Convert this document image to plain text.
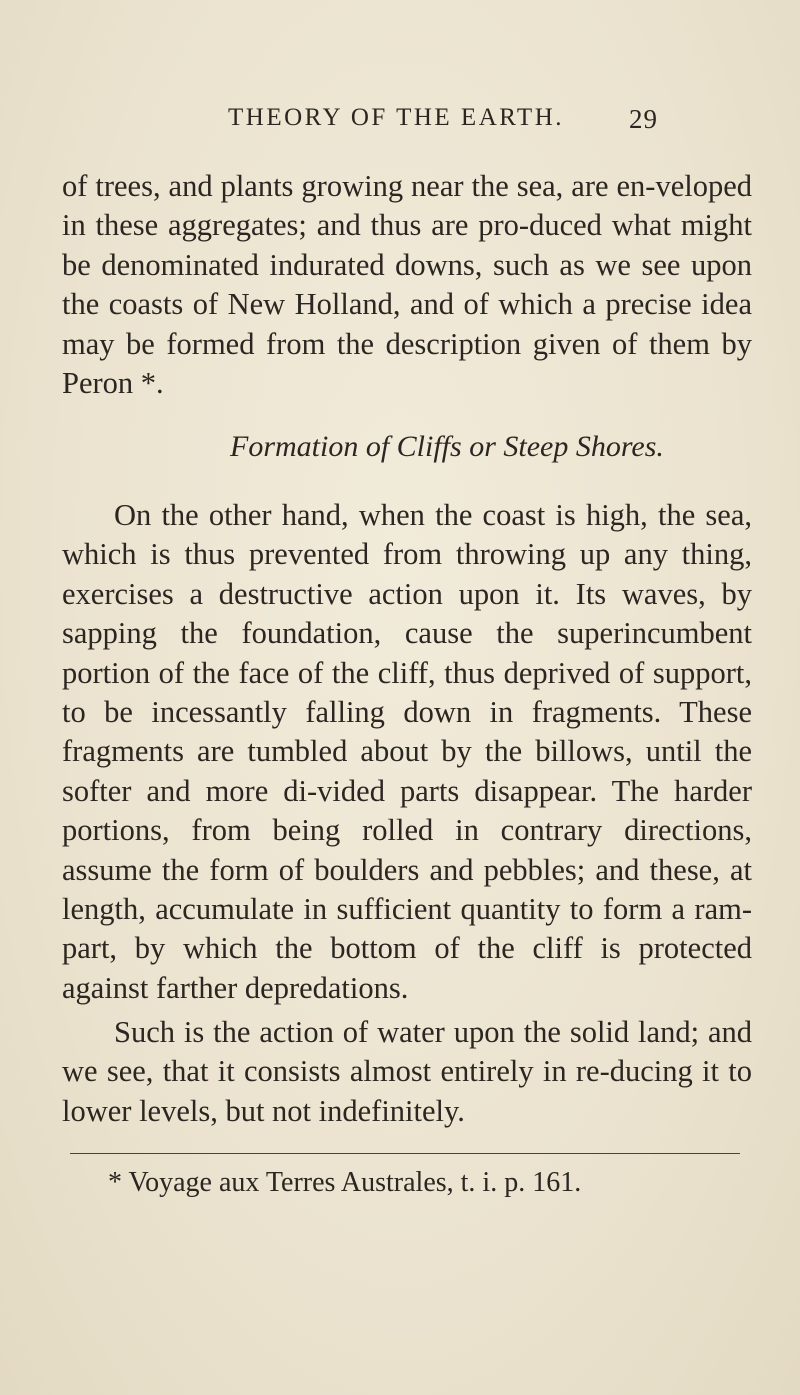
THEORY OF THE EARTH. 29

of trees, and plants growing near the sea, are en-veloped in these aggregates; and thus are pro-duced what might be denominated indurated downs, such as we see upon the coasts of New Holland, and of which a precise idea may be formed from the description given of them by Peron *.

Formation of Cliffs or Steep Shores.

On the other hand, when the coast is high, the sea, which is thus prevented from throwing up any thing, exercises a destructive action upon it. Its waves, by sapping the foundation, cause the superincumbent portion of the face of the cliff, thus deprived of support, to be incessantly falling down in fragments. These fragments are tumbled about by the billows, until the softer and more di-vided parts disappear. The harder portions, from being rolled in contrary directions, assume the form of boulders and pebbles; and these, at length, accumulate in sufficient quantity to form a ram-part, by which the bottom of the cliff is protected against farther depredations.

Such is the action of water upon the solid land; and we see, that it consists almost entirely in re-ducing it to lower levels, but not indefinitely.

* Voyage aux Terres Australes, t. i. p. 161.
